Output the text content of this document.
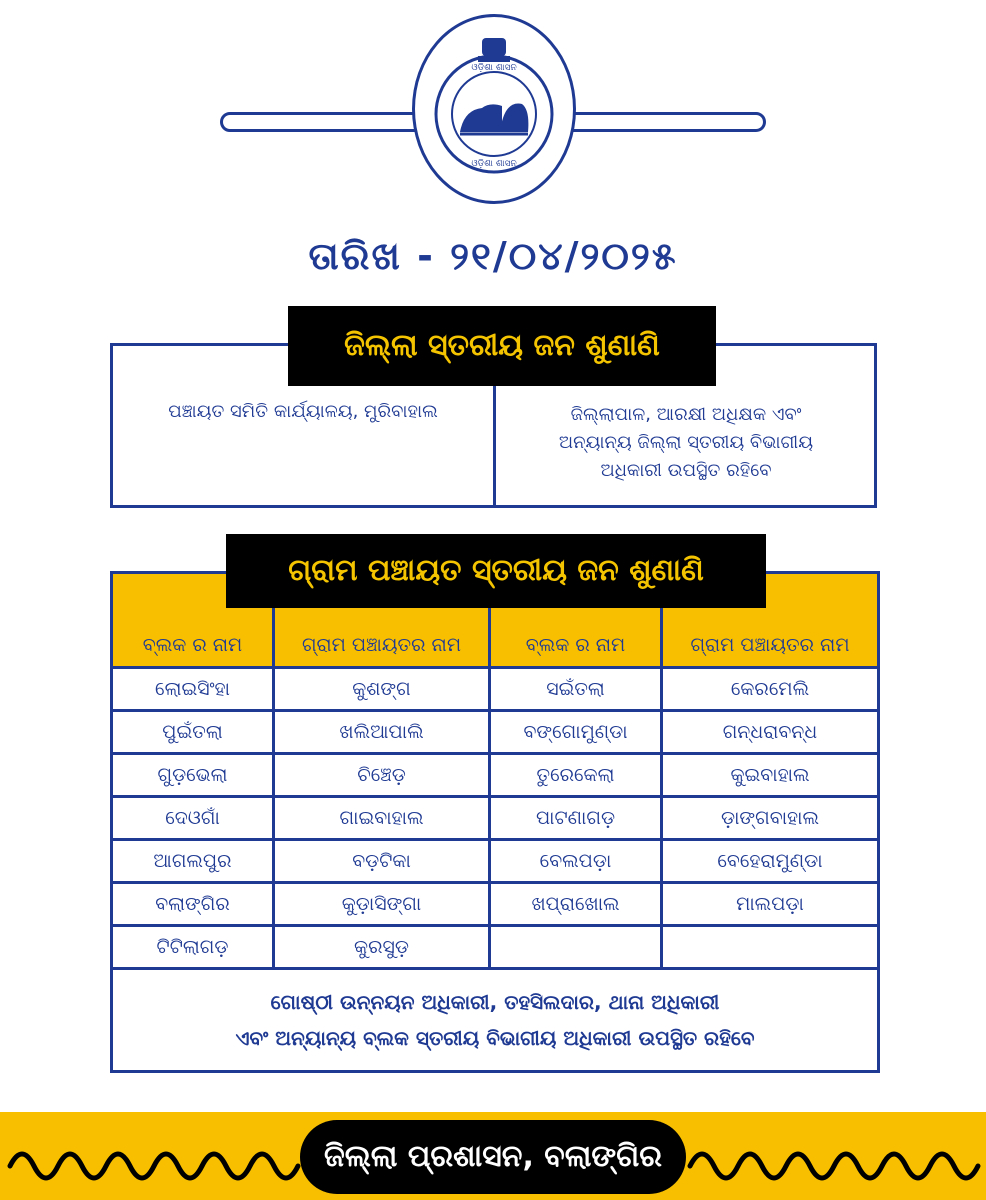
ଓଡ଼ିଶା ଶାସନ
ଓଡ଼ିଶା ଶାସନ
ତାରିଖ - ୨୧/୦୪/୨୦୨୫
ପଞ୍ଚାୟତ ସମିତି କାର୍ଯ୍ୟାଳୟ, ମୁରିବାହାଲ	ଜିଲ୍ଲାପାଳ, ଆରକ୍ଷୀ ଅଧିକ୍ଷକ ଏବଂ
ଅନ୍ୟାନ୍ୟ ଜିଲ୍ଲା ସ୍ତରୀୟ ବିଭାଗୀୟ
ଅଧିକାରୀ ଉପସ୍ଥିତ ରହିବେ
ଜିଲ୍ଲା ସ୍ତରୀୟ ଜନ ଶୁଣାଣି
ବ୍ଲକ ର ନାମ	ଗ୍ରାମ ପଞ୍ଚାୟତର ନାମ	ବ୍ଲକ ର ନାମ	ଗ୍ରାମ ପଞ୍ଚାୟତର ନାମ
ଲୋଇସିଂହା	କୁଶଙ୍ଗ	ସଇଁତଲା	କେରମେଲି
ପୁଇଁତଲା	ଖଲିଆପାଲି	ବଙ୍ଗୋମୁଣ୍ଡା	ଗନ୍ଧରାବନ୍ଧ
ଗୁଡ଼ଭେଲା	ଚିଞ୍ଚେଡ଼	ତୁରେକେଲା	କୁଇବାହାଲ
ଦେଓଗାଁ	ଗାଇବାହାଲ	ପାଟଣାଗଡ଼	ଡ଼ାଙ୍ଗବାହାଲ
ଆଗଲପୁର	ବଡ଼ଟିକା	ବେଲପଡ଼ା	ବେହେରାମୁଣ୍ଡା
ବଲାଙ୍ଗିର	କୁଡ଼ାସିଙ୍ଗା	ଖପ୍ରାଖୋଲ	ମାଲପଡ଼ା
ଟିଟିଲାଗଡ଼	କୁରସୁଡ଼		

ଗୋଷ୍ଠୀ ଉନ୍ନୟନ ଅଧିକାରୀ, ତହସିଲଦାର, ଥାନା ଅଧିକାରୀ
ଏବଂ ଅନ୍ୟାନ୍ୟ ବ୍ଲକ ସ୍ତରୀୟ ବିଭାଗୀୟ ଅଧିକାରୀ ଉପସ୍ଥିତ ରହିବେ			
ଗ୍ରାମ ପଞ୍ଚାୟତ ସ୍ତରୀୟ ଜନ ଶୁଣାଣି
ଜିଲ୍ଲା ପ୍ରଶାସନ, ବଲାଙ୍ଗିର
